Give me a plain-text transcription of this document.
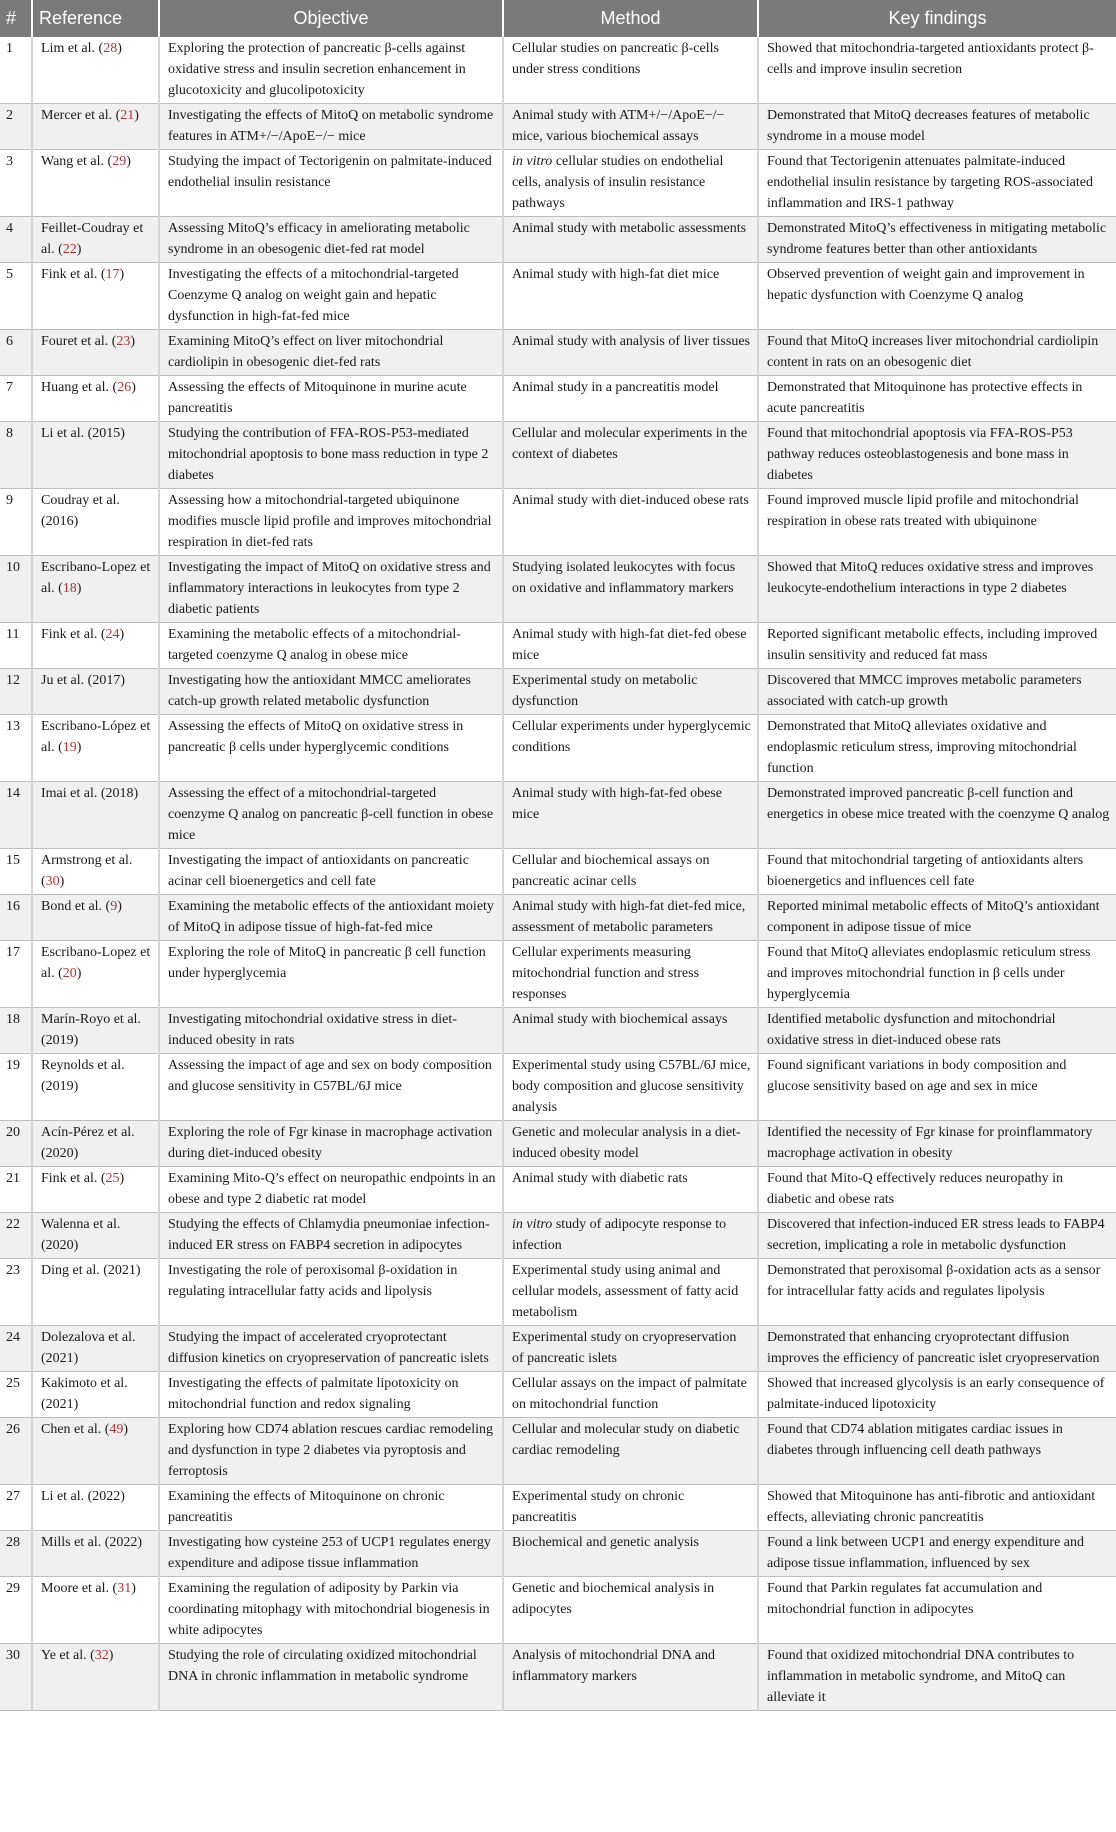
#	Reference	Objective	Method	Key findings
1	Lim et al. (28)	Exploring the protection of pancreatic β-cells against oxidative stress and insulin secretion enhancement in glucotoxicity and glucolipotoxicity	Cellular studies on pancreatic β-cells under stress conditions	Showed that mitochondria-targeted antioxidants protect β-cells and improve insulin secretion
2	Mercer et al. (21)	Investigating the effects of MitoQ on metabolic syndrome features in ATM+/−/ApoE−/− mice	Animal study with ATM+/−/ApoE−/− mice, various biochemical assays	Demonstrated that MitoQ decreases features of metabolic syndrome in a mouse model
3	Wang et al. (29)	Studying the impact of Tectorigenin on palmitate-induced endothelial insulin resistance	in vitro cellular studies on endothelial cells, analysis of insulin resistance pathways	Found that Tectorigenin attenuates palmitate-induced endothelial insulin resistance by targeting ROS-associated inflammation and IRS-1 pathway
4	Feillet-Coudray et al. (22)	Assessing MitoQ’s efficacy in ameliorating metabolic syndrome in an obesogenic diet-fed rat model	Animal study with metabolic assessments	Demonstrated MitoQ’s effectiveness in mitigating metabolic syndrome features better than other antioxidants
5	Fink et al. (17)	Investigating the effects of a mitochondrial-targeted Coenzyme Q analog on weight gain and hepatic dysfunction in high-fat-fed mice	Animal study with high-fat diet mice	Observed prevention of weight gain and improvement in hepatic dysfunction with Coenzyme Q analog
6	Fouret et al. (23)	Examining MitoQ’s effect on liver mitochondrial cardiolipin in obesogenic diet-fed rats	Animal study with analysis of liver tissues	Found that MitoQ increases liver mitochondrial cardiolipin content in rats on an obesogenic diet
7	Huang et al. (26)	Assessing the effects of Mitoquinone in murine acute pancreatitis	Animal study in a pancreatitis model	Demonstrated that Mitoquinone has protective effects in acute pancreatitis
8	Li et al. (2015)	Studying the contribution of FFA-ROS-P53-mediated mitochondrial apoptosis to bone mass reduction in type 2 diabetes	Cellular and molecular experiments in the context of diabetes	Found that mitochondrial apoptosis via FFA-ROS-P53 pathway reduces osteoblastogenesis and bone mass in diabetes
9	Coudray et al. (2016)	Assessing how a mitochondrial-targeted ubiquinone modifies muscle lipid profile and improves mitochondrial respiration in diet-fed rats	Animal study with diet-induced obese rats	Found improved muscle lipid profile and mitochondrial respiration in obese rats treated with ubiquinone
10	Escribano-Lopez et al. (18)	Investigating the impact of MitoQ on oxidative stress and inflammatory interactions in leukocytes from type 2 diabetic patients	Studying isolated leukocytes with focus on oxidative and inflammatory markers	Showed that MitoQ reduces oxidative stress and improves leukocyte-endothelium interactions in type 2 diabetes
11	Fink et al. (24)	Examining the metabolic effects of a mitochondrial-targeted coenzyme Q analog in obese mice	Animal study with high-fat diet-fed obese mice	Reported significant metabolic effects, including improved insulin sensitivity and reduced fat mass
12	Ju et al. (2017)	Investigating how the antioxidant MMCC ameliorates catch-up growth related metabolic dysfunction	Experimental study on metabolic dysfunction	Discovered that MMCC improves metabolic parameters associated with catch-up growth
13	Escribano-López et al. (19)	Assessing the effects of MitoQ on oxidative stress in pancreatic β cells under hyperglycemic conditions	Cellular experiments under hyperglycemic conditions	Demonstrated that MitoQ alleviates oxidative and endoplasmic reticulum stress, improving mitochondrial function
14	Imai et al. (2018)	Assessing the effect of a mitochondrial-targeted coenzyme Q analog on pancreatic β-cell function in obese mice	Animal study with high-fat-fed obese mice	Demonstrated improved pancreatic β-cell function and energetics in obese mice treated with the coenzyme Q analog
15	Armstrong et al. (30)	Investigating the impact of antioxidants on pancreatic acinar cell bioenergetics and cell fate	Cellular and biochemical assays on pancreatic acinar cells	Found that mitochondrial targeting of antioxidants alters bioenergetics and influences cell fate
16	Bond et al. (9)	Examining the metabolic effects of the antioxidant moiety of MitoQ in adipose tissue of high-fat-fed mice	Animal study with high-fat diet-fed mice, assessment of metabolic parameters	Reported minimal metabolic effects of MitoQ’s antioxidant component in adipose tissue of mice
17	Escribano-Lopez et al. (20)	Exploring the role of MitoQ in pancreatic β cell function under hyperglycemia	Cellular experiments measuring mitochondrial function and stress responses	Found that MitoQ alleviates endoplasmic reticulum stress and improves mitochondrial function in β cells under hyperglycemia
18	Marín-Royo et al. (2019)	Investigating mitochondrial oxidative stress in diet-induced obesity in rats	Animal study with biochemical assays	Identified metabolic dysfunction and mitochondrial oxidative stress in diet-induced obese rats
19	Reynolds et al. (2019)	Assessing the impact of age and sex on body composition and glucose sensitivity in C57BL/6J mice	Experimental study using C57BL/6J mice, body composition and glucose sensitivity analysis	Found significant variations in body composition and glucose sensitivity based on age and sex in mice
20	Acín-Pérez et al. (2020)	Exploring the role of Fgr kinase in macrophage activation during diet-induced obesity	Genetic and molecular analysis in a diet-induced obesity model	Identified the necessity of Fgr kinase for proinflammatory macrophage activation in obesity
21	Fink et al. (25)	Examining Mito-Q’s effect on neuropathic endpoints in an obese and type 2 diabetic rat model	Animal study with diabetic rats	Found that Mito-Q effectively reduces neuropathy in diabetic and obese rats
22	Walenna et al. (2020)	Studying the effects of Chlamydia pneumoniae infection-induced ER stress on FABP4 secretion in adipocytes	in vitro study of adipocyte response to infection	Discovered that infection-induced ER stress leads to FABP4 secretion, implicating a role in metabolic dysfunction
23	Ding et al. (2021)	Investigating the role of peroxisomal β-oxidation in regulating intracellular fatty acids and lipolysis	Experimental study using animal and cellular models, assessment of fatty acid metabolism	Demonstrated that peroxisomal β-oxidation acts as a sensor for intracellular fatty acids and regulates lipolysis
24	Dolezalova et al. (2021)	Studying the impact of accelerated cryoprotectant diffusion kinetics on cryopreservation of pancreatic islets	Experimental study on cryopreservation of pancreatic islets	Demonstrated that enhancing cryoprotectant diffusion improves the efficiency of pancreatic islet cryopreservation
25	Kakimoto et al. (2021)	Investigating the effects of palmitate lipotoxicity on mitochondrial function and redox signaling	Cellular assays on the impact of palmitate on mitochondrial function	Showed that increased glycolysis is an early consequence of palmitate-induced lipotoxicity
26	Chen et al. (49)	Exploring how CD74 ablation rescues cardiac remodeling and dysfunction in type 2 diabetes via pyroptosis and ferroptosis	Cellular and molecular study on diabetic cardiac remodeling	Found that CD74 ablation mitigates cardiac issues in diabetes through influencing cell death pathways
27	Li et al. (2022)	Examining the effects of Mitoquinone on chronic pancreatitis	Experimental study on chronic pancreatitis	Showed that Mitoquinone has anti-fibrotic and antioxidant effects, alleviating chronic pancreatitis
28	Mills et al. (2022)	Investigating how cysteine 253 of UCP1 regulates energy expenditure and adipose tissue inflammation	Biochemical and genetic analysis	Found a link between UCP1 and energy expenditure and adipose tissue inflammation, influenced by sex
29	Moore et al. (31)	Examining the regulation of adiposity by Parkin via coordinating mitophagy with mitochondrial biogenesis in white adipocytes	Genetic and biochemical analysis in adipocytes	Found that Parkin regulates fat accumulation and mitochondrial function in adipocytes
30	Ye et al. (32)	Studying the role of circulating oxidized mitochondrial DNA in chronic inflammation in metabolic syndrome	Analysis of mitochondrial DNA and inflammatory markers	Found that oxidized mitochondrial DNA contributes to inflammation in metabolic syndrome, and MitoQ can alleviate it
